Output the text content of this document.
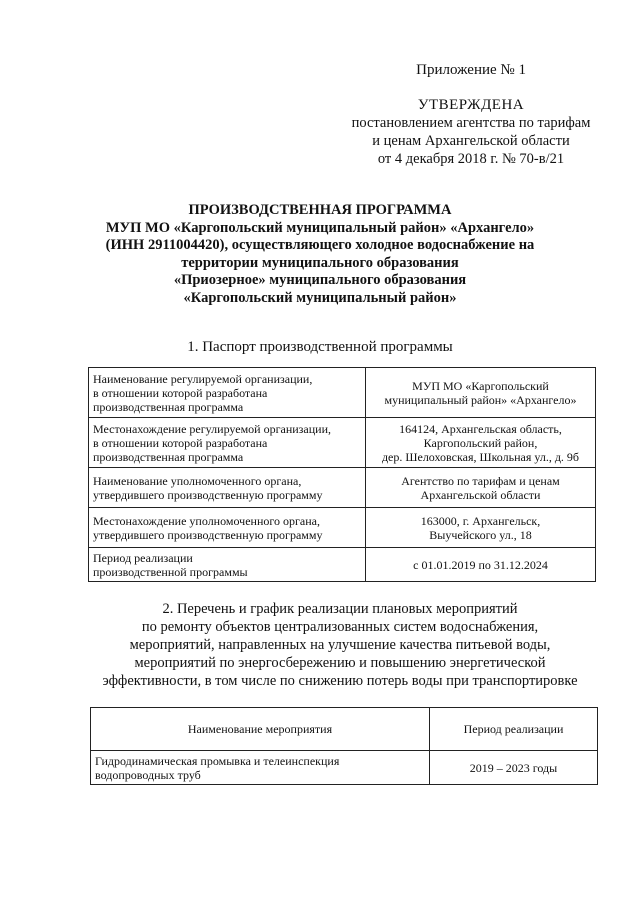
Приложение № 1
УТВЕРЖДЕНА
постановлением агентства по тарифам
и ценам Архангельской области
от 4 декабря 2018 г. № 70-в/21
ПРОИЗВОДСТВЕННАЯ ПРОГРАММА
МУП МО «Каргопольский муниципальный район» «Архангело»
(ИНН 2911004420), осуществляющего холодное водоснабжение на
территории муниципального образования
«Приозерное» муниципального образования
«Каргопольский муниципальный район»
1. Паспорт производственной программы
Наименование регулируемой организации,
в отношении которой разработана
производственная программа	МУП МО «Каргопольский
муниципальный район» «Архангело»

Местонахождение регулируемой организации,
в отношении которой разработана
производственная программа	164124, Архангельская область,
Каргопольский район,
дер. Шелоховская, Школьная ул., д. 9б

Наименование уполномоченного органа,
утвердившего производственную программу	Агентство по тарифам и ценам
Архангельской области

Местонахождение уполномоченного органа,
утвердившего производственную программу	163000, г. Архангельск,
Выучейского ул., 18

Период реализации
производственной программы	с 01.01.2019 по 31.12.2024
2. Перечень и график реализации плановых мероприятий
по ремонту объектов централизованных систем водоснабжения,
мероприятий, направленных на улучшение качества питьевой воды,
мероприятий по энергосбережению и повышению энергетической
эффективности, в том числе по снижению потерь воды при транспортировке
Наименование мероприятия	Период реализации

Гидродинамическая промывка и телеинспекция
водопроводных труб	2019 – 2023 годы
